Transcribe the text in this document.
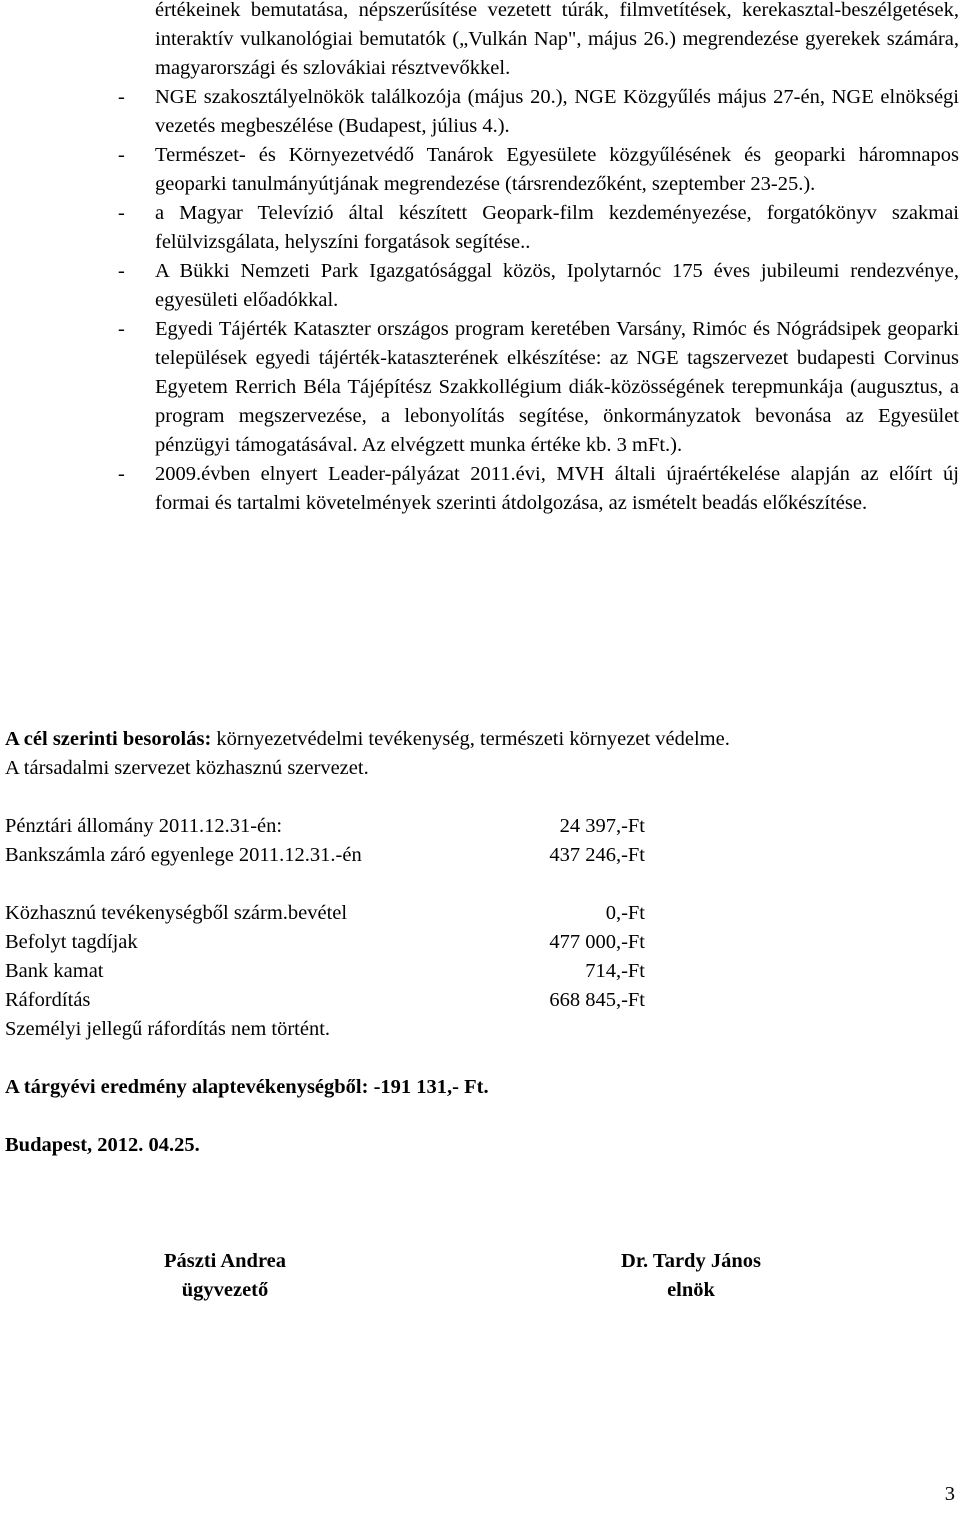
értékeinek bemutatása, népszerűsítése vezetett túrák, filmvetítések, kerekasztal-beszélgetések, interaktív vulkanológiai bemutatók („Vulkán Nap", május 26.) megrendezése gyerekek számára, magyarországi és szlovákiai résztvevőkkel.
- NGE szakosztályelnökök találkozója (május 20.), NGE Közgyűlés május 27-én, NGE elnökségi vezetés megbeszélése (Budapest, július 4.).
- Természet- és Környezetvédő Tanárok Egyesülete közgyűlésének és geoparki háromnapos geoparki tanulmányútjának megrendezése (társrendezőként, szeptember 23-25.).
- a Magyar Televízió által készített Geopark-film kezdeményezése, forgatókönyv szakmai felülvizsgálata, helyszíni forgatások segítése..
- A Bükki Nemzeti Park Igazgatósággal közös, Ipolytarnóc 175 éves jubileumi rendezvénye, egyesületi előadókkal.
- Egyedi Tájérték Kataszter országos program keretében Varsány, Rimóc és Nógrádsipek geoparki települések egyedi tájérték-kataszterének elkészítése: az NGE tagszervezet budapesti Corvinus Egyetem Rerrich Béla Tájépítész Szakkollégium diák-közösségének terepmunkája (augusztus, a program megszervezése, a lebonyolítás segítése, önkormányzatok bevonása az Egyesület pénzügyi támogatásával. Az elvégzett munka értéke kb. 3 mFt.).
- 2009.évben elnyert Leader-pályázat 2011.évi, MVH általi újraértékelése alapján az előírt új formai és tartalmi követelmények szerinti átdolgozása, az ismételt beadás előkészítése.
A cél szerinti besorolás: környezetvédelmi tevékenység, természeti környezet védelme.
A társadalmi szervezet közhasznú szervezet.
Pénztári állomány 2011.12.31-én:	24 397,-Ft
Bankszámla záró egyenlege 2011.12.31.-én	437 246,-Ft
Közhasznú tevékenységből szárm.bevétel	0,-Ft
Befolyt tagdíjak	477 000,-Ft
Bank kamat	714,-Ft
Ráfordítás	668 845,-Ft
Személyi jellegű ráfordítás nem történt.
A tárgyévi eredmény alaptevékenységből: -191 131,- Ft.
Budapest, 2012. 04.25.
Pászti Andrea
ügyvezető
Dr. Tardy János
elnök
3
